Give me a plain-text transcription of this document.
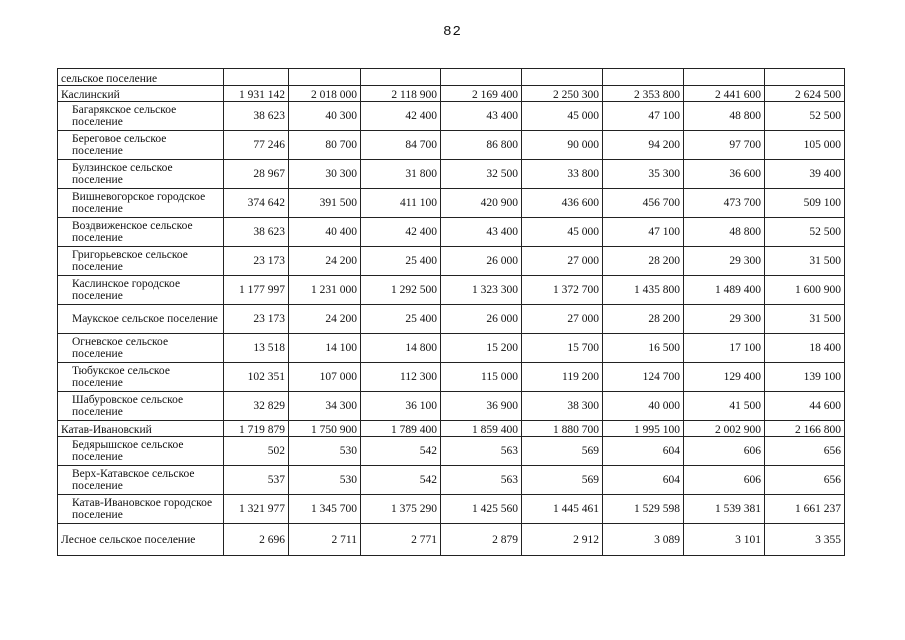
82
сельское поселение								
Каслинский	1 931 142	2 018 000	2 118 900	2 169 400	2 250 300	2 353 800	2 441 600	2 624 500
Багарякское сельское поселение	38 623	40 300	42 400	43 400	45 000	47 100	48 800	52 500
Береговое сельское поселение	77 246	80 700	84 700	86 800	90 000	94 200	97 700	105 000
Булзинское сельское поселение	28 967	30 300	31 800	32 500	33 800	35 300	36 600	39 400
Вишневогорское городское поселение	374 642	391 500	411 100	420 900	436 600	456 700	473 700	509 100
Воздвиженское сельское поселение	38 623	40 400	42 400	43 400	45 000	47 100	48 800	52 500
Григорьевское сельское поселение	23 173	24 200	25 400	26 000	27 000	28 200	29 300	31 500
Каслинское городское поселение	1 177 997	1 231 000	1 292 500	1 323 300	1 372 700	1 435 800	1 489 400	1 600 900
Маукское сельское поселение	23 173	24 200	25 400	26 000	27 000	28 200	29 300	31 500
Огневское сельское поселение	13 518	14 100	14 800	15 200	15 700	16 500	17 100	18 400
Тюбукское сельское поселение	102 351	107 000	112 300	115 000	119 200	124 700	129 400	139 100
Шабуровское сельское поселение	32 829	34 300	36 100	36 900	38 300	40 000	41 500	44 600
Катав-Ивановский	1 719 879	1 750 900	1 789 400	1 859 400	1 880 700	1 995 100	2 002 900	2 166 800
Бедярышское сельское поселение	502	530	542	563	569	604	606	656
Верх-Катавское сельское поселение	537	530	542	563	569	604	606	656
Катав-Ивановское городское поселение	1 321 977	1 345 700	1 375 290	1 425 560	1 445 461	1 529 598	1 539 381	1 661 237
Лесное сельское поселение	2 696	2 711	2 771	2 879	2 912	3 089	3 101	3 355
